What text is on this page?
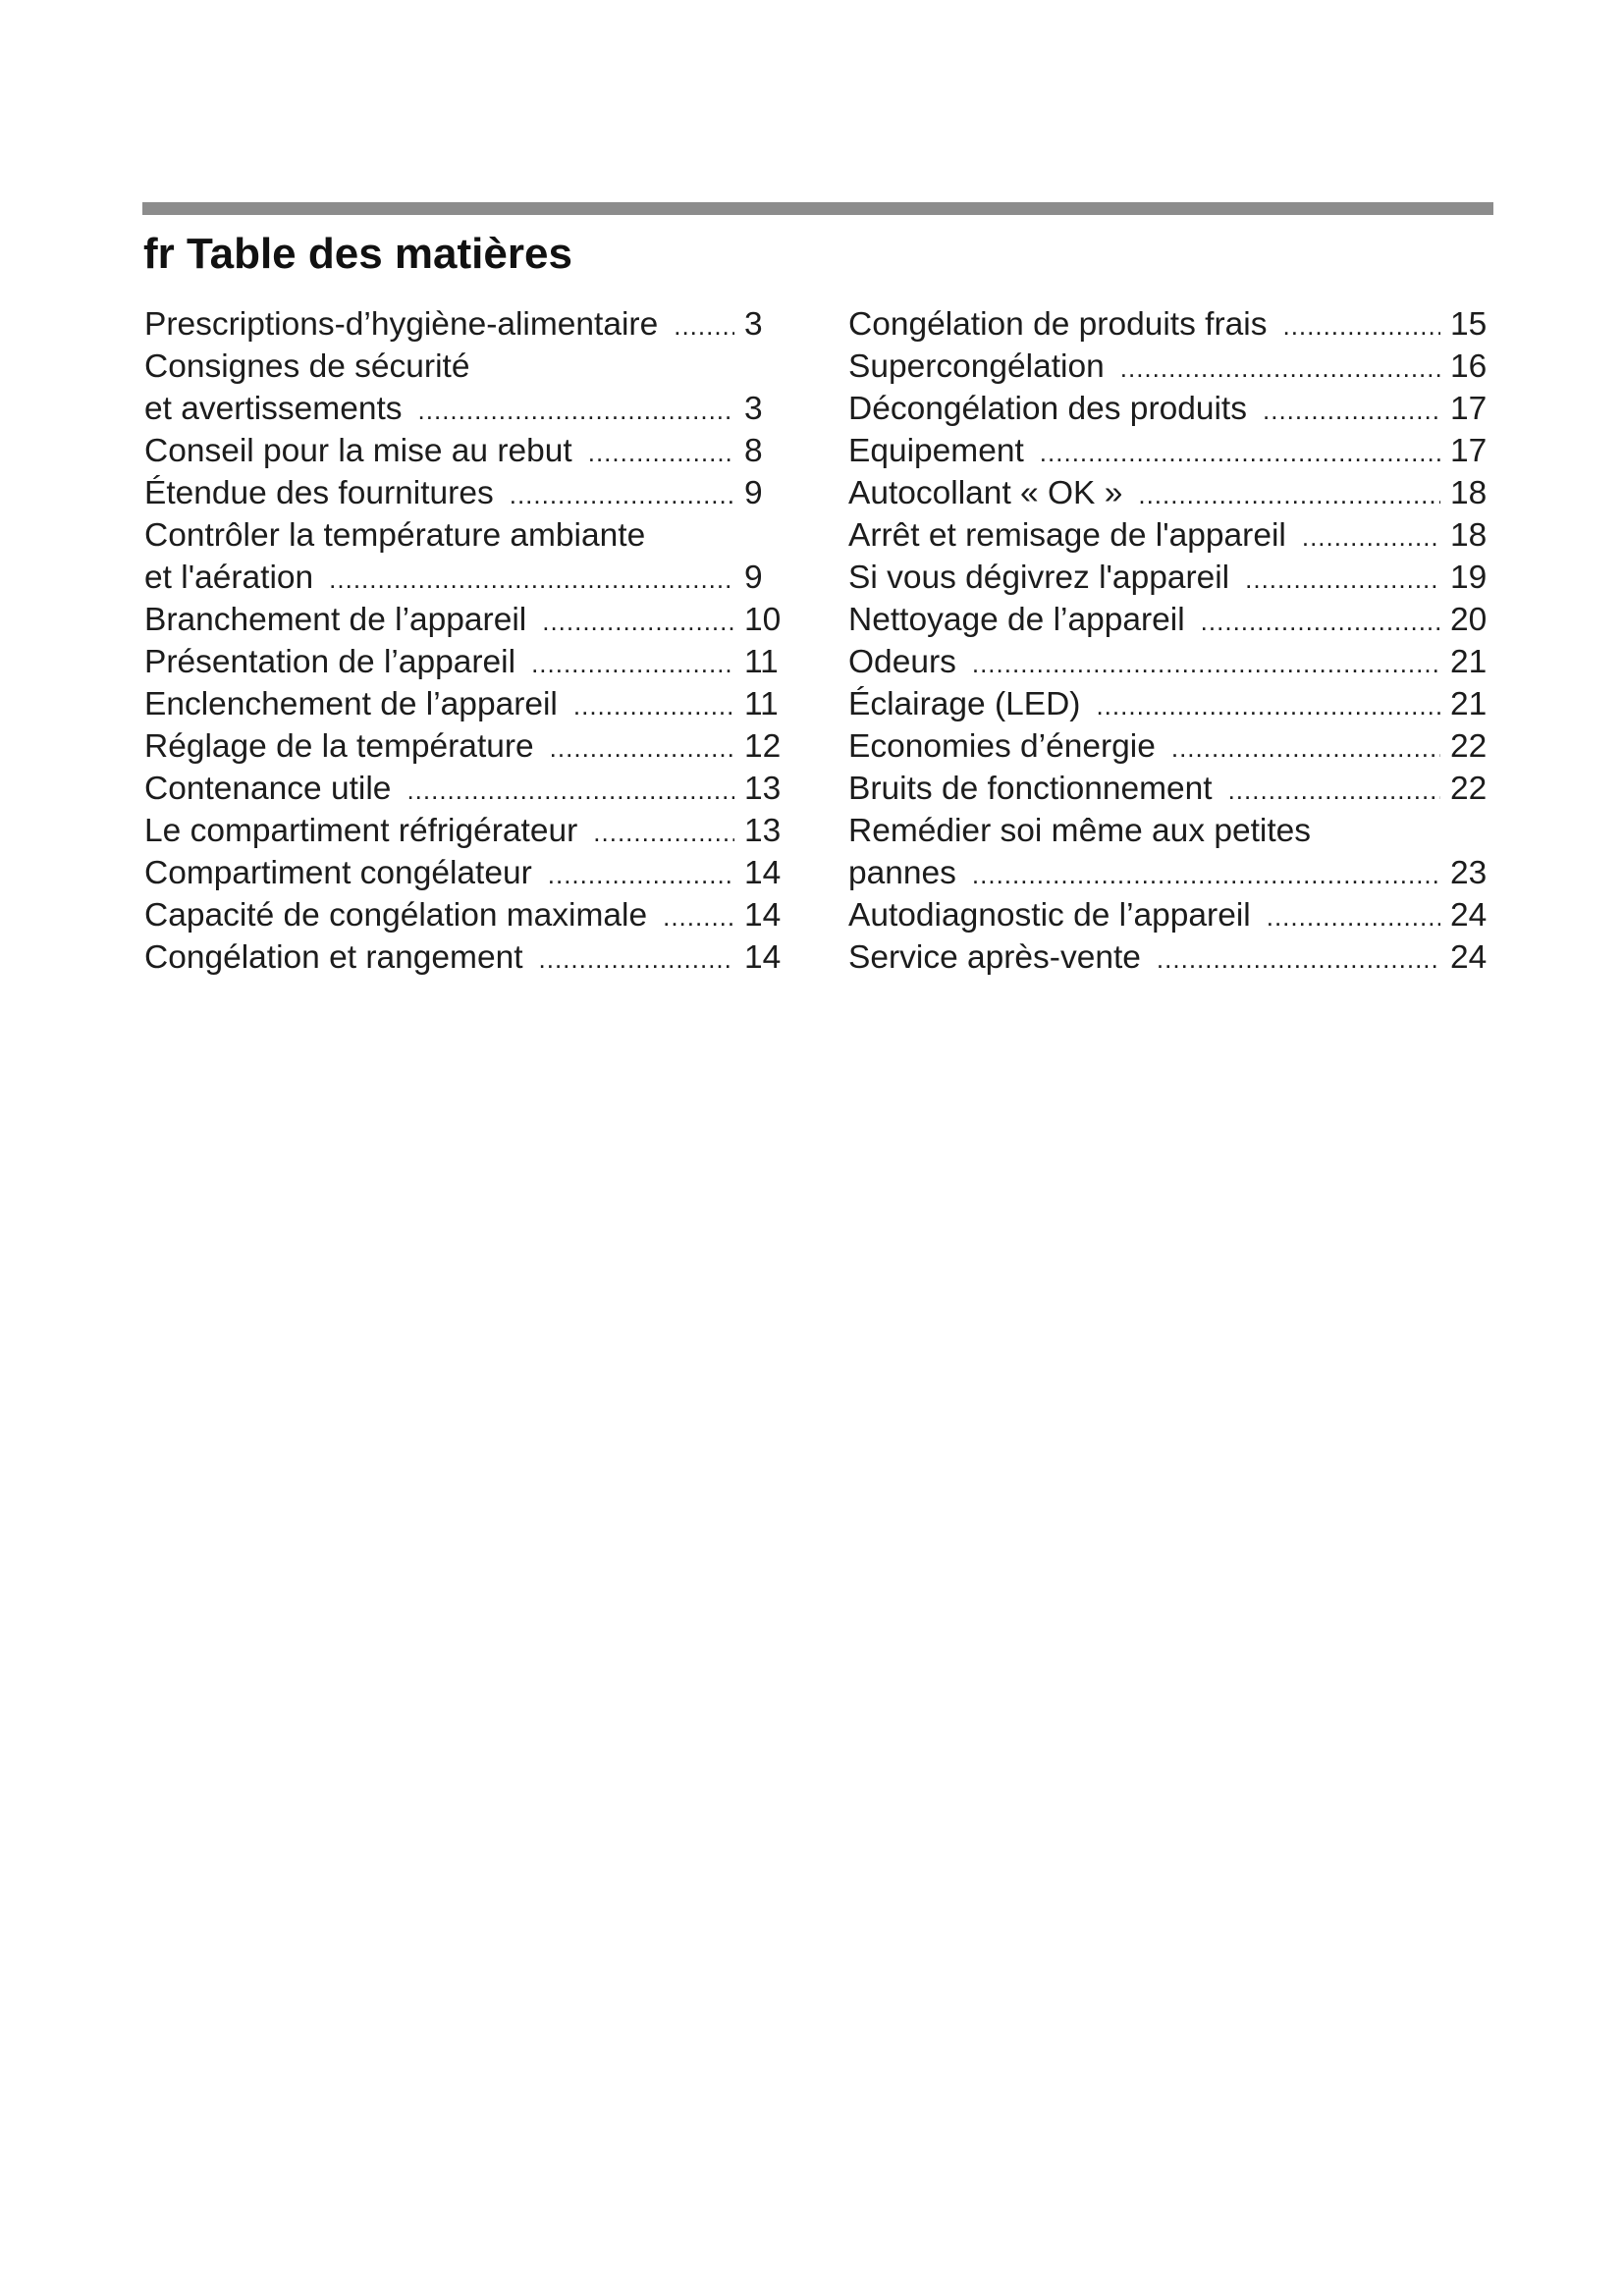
fr Table des matières
Prescriptions-d’hygiène-alimentaire .....	3
Consignes de sécurité
et avertissements .....	3
Conseil pour la mise au rebut .....	8
Étendue des fournitures .....	9
Contrôler la température ambiante
et l'aération .....	9
Branchement de l’appareil .....	10
Présentation de l’appareil .....	11
Enclenchement de l’appareil .....	11
Réglage de la température .....	12
Contenance utile .....	13
Le compartiment réfrigérateur .....	13
Compartiment congélateur .....	14
Capacité de congélation maximale .....	14
Congélation et rangement .....	14
Congélation de produits frais .....	15
Supercongélation .....	16
Décongélation des produits .....	17
Equipement .....	17
Autocollant « OK » .....	18
Arrêt et remisage de l'appareil .....	18
Si vous dégivrez l'appareil .....	19
Nettoyage de l’appareil .....	20
Odeurs .....	21
Éclairage (LED) .....	21
Economies d’énergie .....	22
Bruits de fonctionnement .....	22
Remédier soi même aux petites
pannes .....	23
Autodiagnostic de l’appareil .....	24
Service après-vente .....	24
